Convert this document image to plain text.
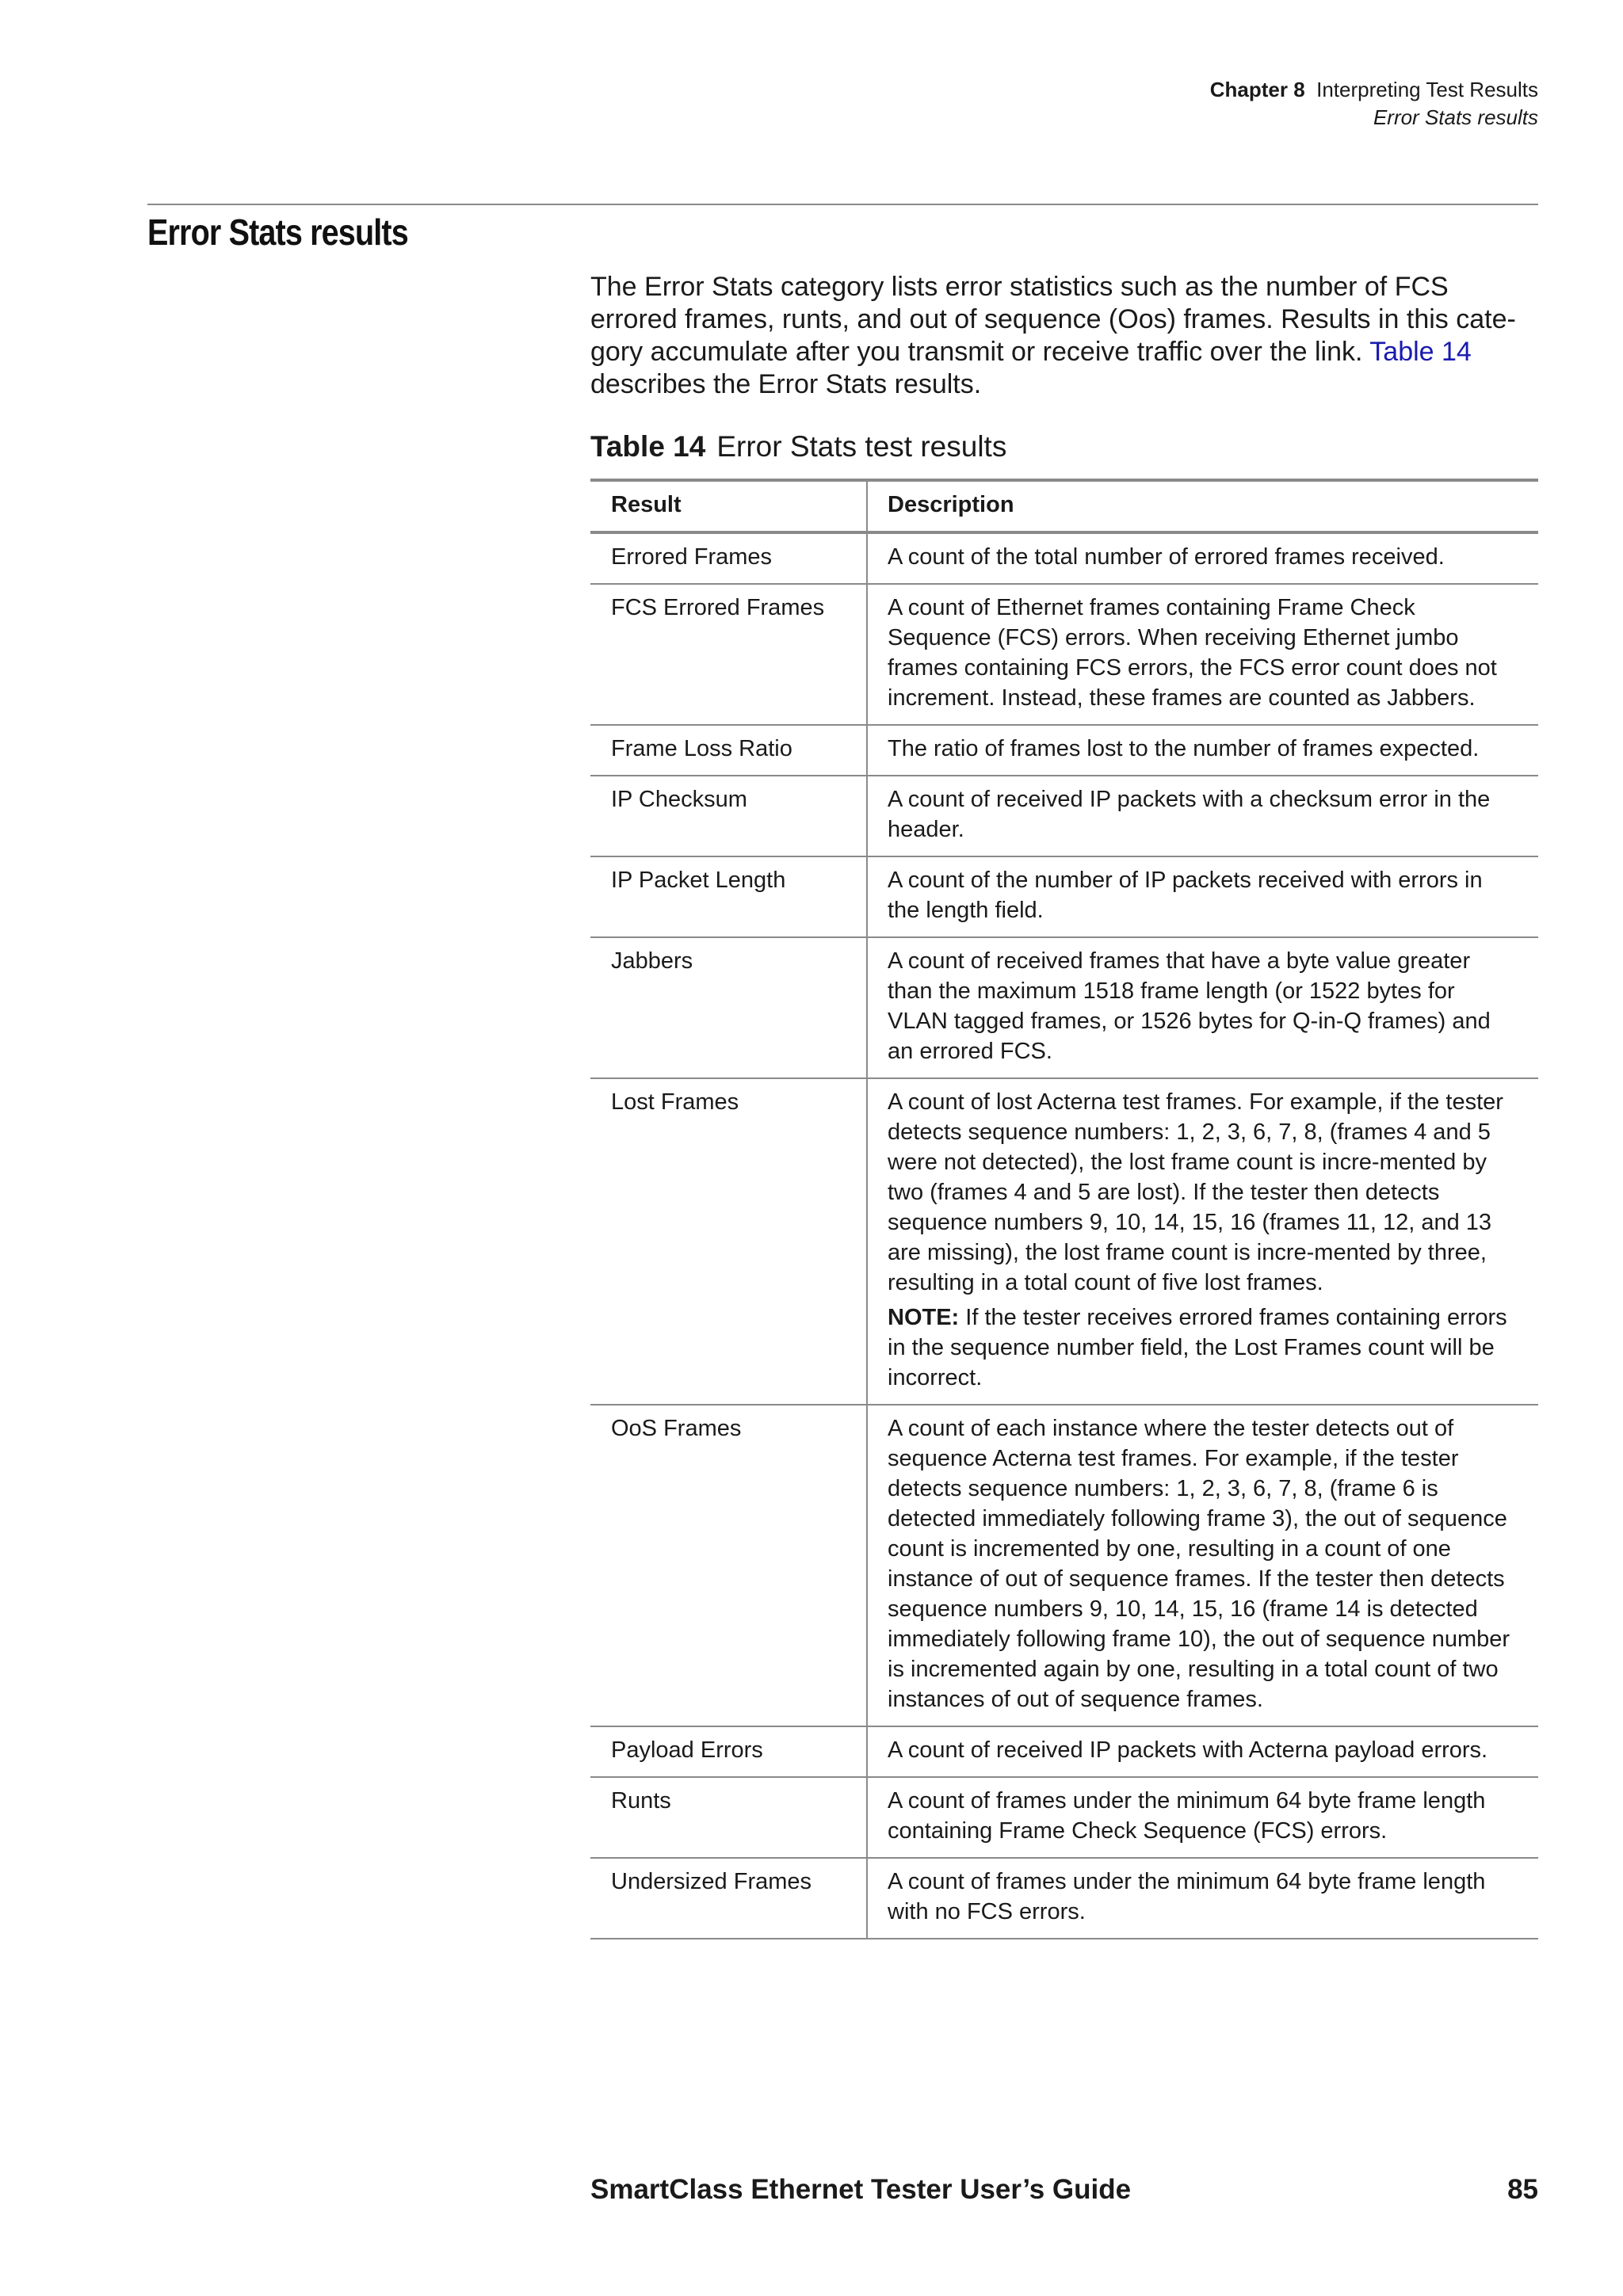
Chapter 8 Interpreting Test Results
Error Stats results
Error Stats results

The Error Stats category lists error statistics such as the number of FCS errored frames, runts, and out of sequence (Oos) frames. Results in this cate-gory accumulate after you transmit or receive traffic over the link. Table 14 describes the Error Stats results.

Table 14 Error Stats test results

Result	Description
Errored Frames	A count of the total number of errored frames received.

FCS Errored Frames	A count of Ethernet frames containing Frame Check Sequence (FCS) errors. When receiving Ethernet jumbo frames containing FCS errors, the FCS error count does not increment. Instead, these frames are counted as Jabbers.

Frame Loss Ratio	The ratio of frames lost to the number of frames expected.

IP Checksum	A count of received IP packets with a checksum error in the header.

IP Packet Length	A count of the number of IP packets received with errors in the length field.

Jabbers	A count of received frames that have a byte value greater than the maximum 1518 frame length (or 1522 bytes for VLAN tagged frames, or 1526 bytes for Q-in-Q frames) and an errored FCS.

Lost Frames	A count of lost Acterna test frames. For example, if the tester detects sequence numbers: 1, 2, 3, 6, 7, 8, (frames 4 and 5 were not detected), the lost frame count is incre-mented by two (frames 4 and 5 are lost). If the tester then detects sequence numbers 9, 10, 14, 15, 16 (frames 11, 12, and 13 are missing), the lost frame count is incre-mented by three, resulting in a total count of five lost frames.

NOTE: If the tester receives errored frames containing errors in the sequence number field, the Lost Frames count will be incorrect.

OoS Frames	A count of each instance where the tester detects out of sequence Acterna test frames. For example, if the tester detects sequence numbers: 1, 2, 3, 6, 7, 8, (frame 6 is detected immediately following frame 3), the out of sequence count is incremented by one, resulting in a count of one instance of out of sequence frames. If the tester then detects sequence numbers 9, 10, 14, 15, 16 (frame 14 is detected immediately following frame 10), the out of sequence number is incremented again by one, resulting in a total count of two instances of out of sequence frames.

Payload Errors	A count of received IP packets with Acterna payload errors.

Runts	A count of frames under the minimum 64 byte frame length containing Frame Check Sequence (FCS) errors.

Undersized Frames	A count of frames under the minimum 64 byte frame length with no FCS errors.

SmartClass Ethernet Tester User’s Guide	85
